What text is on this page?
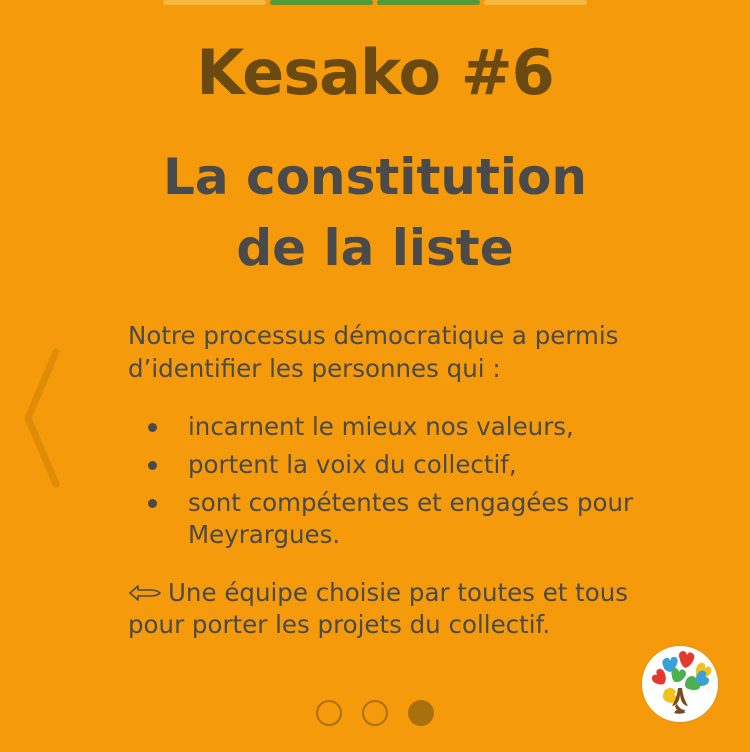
Kesako #6
La constitution
de la liste
Notre processus démocratique a permis
d’identifier les personnes qui :
incarnent le mieux nos valeurs,
portent la voix du collectif,
sont compétentes et engagées pour Meyrargues.
Une équipe choisie par toutes et tous
pour porter les projets du collectif.
